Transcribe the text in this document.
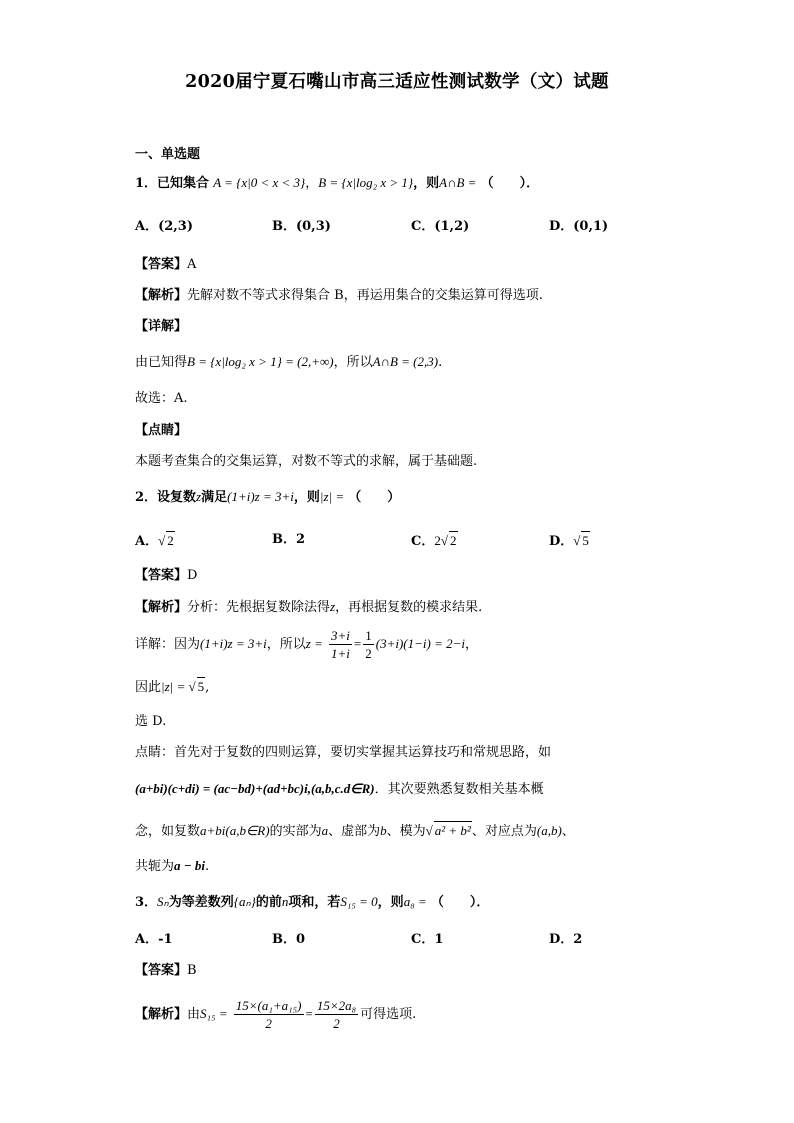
2020届宁夏石嘴山市高三适应性测试数学（文）试题
一、单选题
1．已知集合 A = {x|0 < x < 3}，B = {x|log₂ x > 1}，则A∩B = （　　）．
A．(2,3)	B．(0,3)	C．(1,2)	D．(0,1)
【答案】A
【解析】先解对数不等式求得集合 B，再运用集合的交集运算可得选项.
【详解】
由已知得B = {x|log₂ x > 1} = (2,+∞)，所以A∩B = (2,3).
故选：A.
【点睛】
本题考查集合的交集运算，对数不等式的求解，属于基础题.
2．设复数z满足(1+i)z = 3+i，则|z| = （　　）
A．√ 2	B．2	C．2√ 2	D．√ 5
【答案】D
【解析】分析：先根据复数除法得z，再根据复数的模求结果.
详解：因为(1+i)z = 3+i，所以$z = \frac{3+i}{1+i} = \frac{1}{2} (3+i)(1-i) = 2-i$，
因此|z| = √ 5,
选 D.
点睛：首先对于复数的四则运算，要切实掌握其运算技巧和常规思路，如
(a+bi)(c+di) = (ac−bd)+(ad+bc)i,(a,b,c.d∈R)．其次要熟悉复数相关基本概
念，如复数a+bi(a,b∈R)的实部为a、虚部为b、模为√ a² + b²、对应点为(a,b)、
共轭为a − bi.
3．Sₙ为等差数列{aₙ}的前n项和，若S₁₅ = 0，则a₈ = （　　）．
A．-1	B．0	C．1	D．2
【答案】B
【解析】由$S_{15} = \frac{\text{15×(a₁+a₁₅)}}{2} = \frac{\text{15×2a₈}}{2}$ 可得选项.
